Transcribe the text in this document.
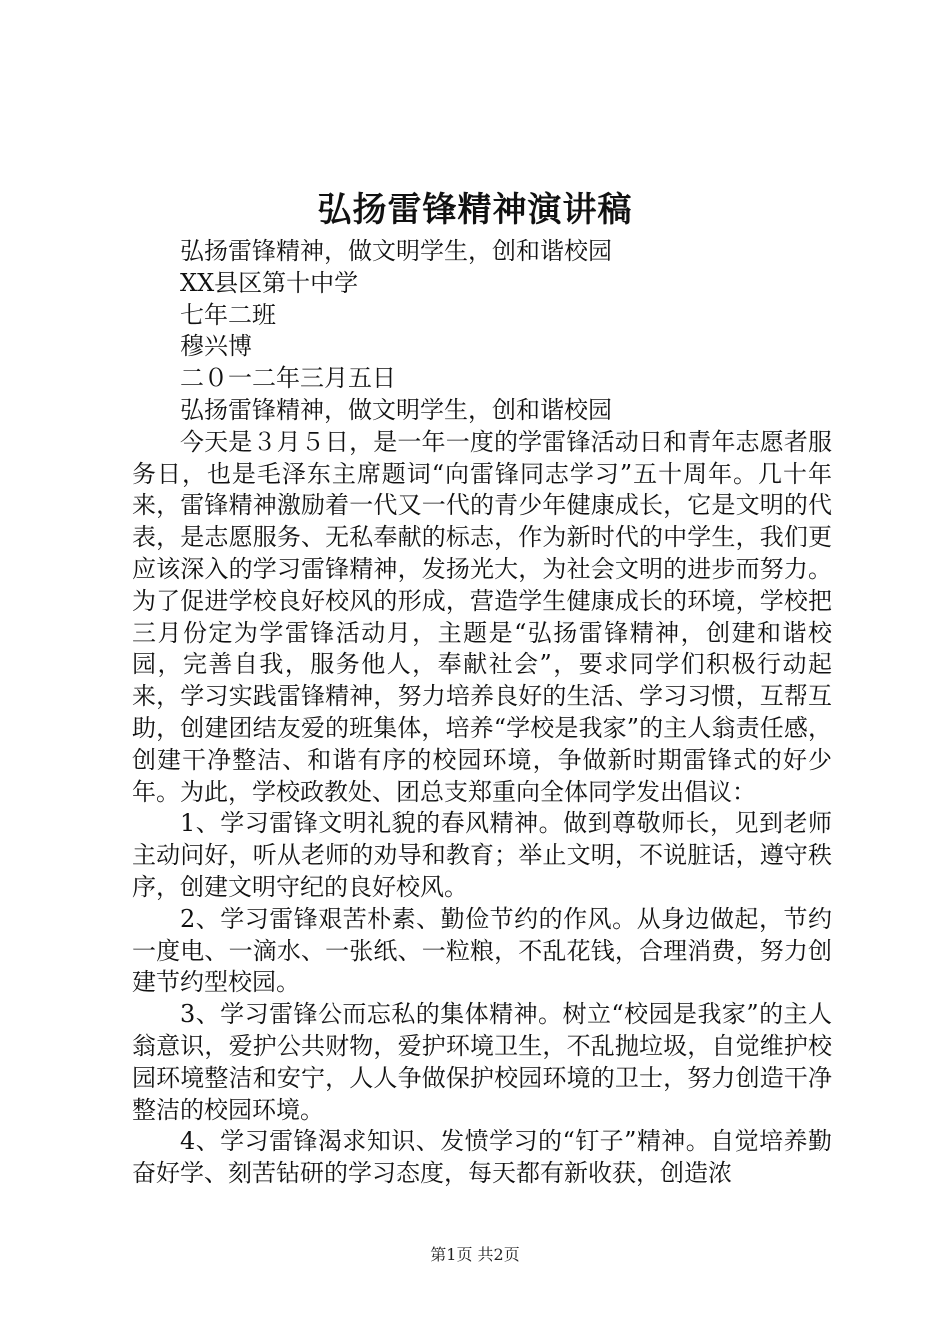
弘扬雷锋精神演讲稿

弘扬雷锋精神，做文明学生，创和谐校园

XX县区第十中学

七年二班

穆兴博

二０一二年三月五日

弘扬雷锋精神，做文明学生，创和谐校园

今天是３月５日，是一年一度的学雷锋活动日和青年志愿者服务日，也是毛泽东主席题词“向雷锋同志学习”五十周年。几十年来，雷锋精神激励着一代又一代的青少年健康成长，它是文明的代表，是志愿服务、无私奉献的标志，作为新时代的中学生，我们更应该深入的学习雷锋精神，发扬光大，为社会文明的进步而努力。为了促进学校良好校风的形成，营造学生健康成长的环境，学校把三月份定为学雷锋活动月，主题是“弘扬雷锋精神，创建和谐校园，完善自我，服务他人，奉献社会”，要求同学们积极行动起来，学习实践雷锋精神，努力培养良好的生活、学习习惯，互帮互助，创建团结友爱的班集体，培养“学校是我家”的主人翁责任感，创建干净整洁、和谐有序的校园环境，争做新时期雷锋式的好少年。为此，学校政教处、团总支郑重向全体同学发出倡议：

1、学习雷锋文明礼貌的春风精神。做到尊敬师长，见到老师主动问好，听从老师的劝导和教育；举止文明，不说脏话，遵守秩序，创建文明守纪的良好校风。

2、学习雷锋艰苦朴素、勤俭节约的作风。从身边做起，节约一度电、一滴水、一张纸、一粒粮，不乱花钱，合理消费，努力创建节约型校园。

3、学习雷锋公而忘私的集体精神。树立“校园是我家”的主人翁意识，爱护公共财物，爱护环境卫生，不乱抛垃圾，自觉维护校园环境整洁和安宁，人人争做保护校园环境的卫士，努力创造干净整洁的校园环境。

4、学习雷锋渴求知识、发愤学习的“钉子”精神。自觉培养勤奋好学、刻苦钻研的学习态度，每天都有新收获，创造浓

第1页 共2页
